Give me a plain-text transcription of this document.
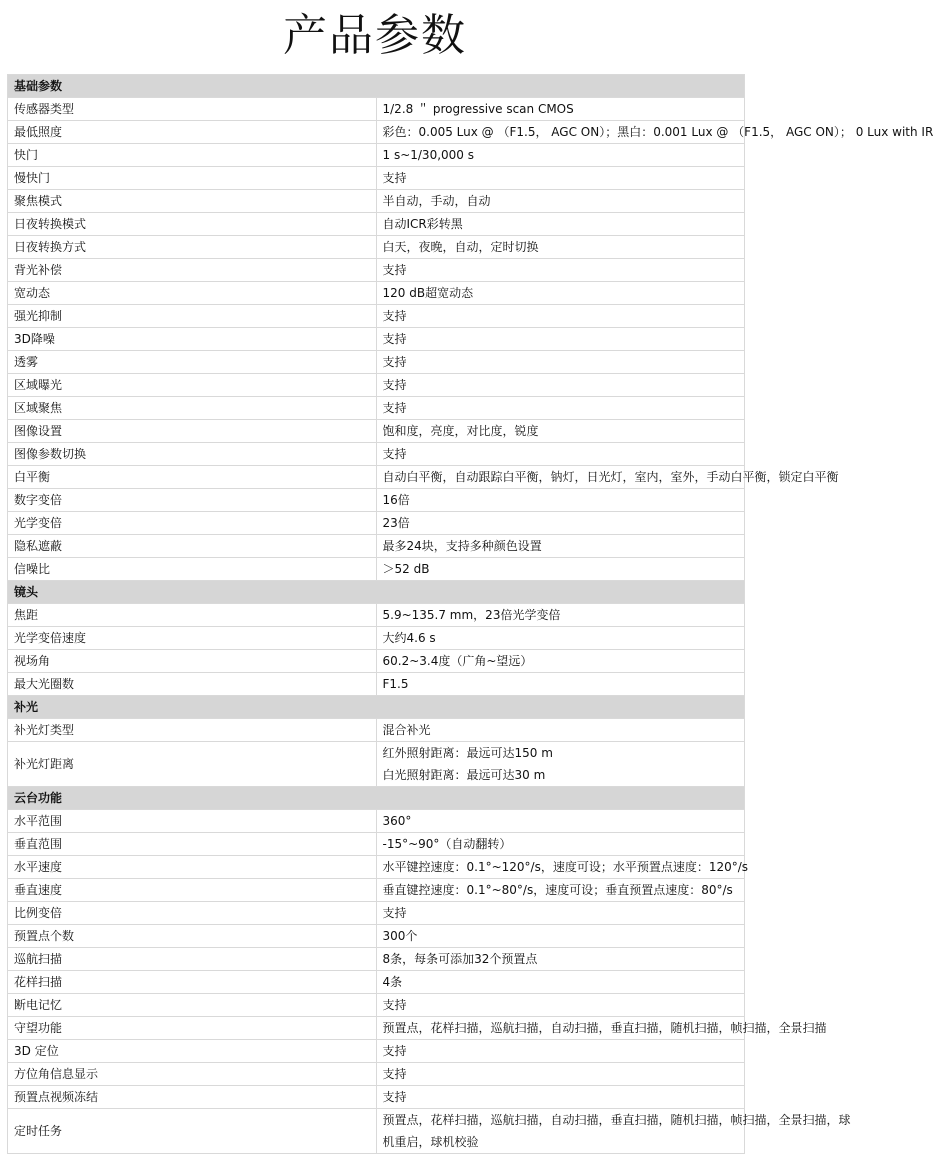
产品参数
基础参数	
传感器类型	1/2.8 ＂ progressive scan CMOS
最低照度	彩色：0.005 Lux @ （F1.5， AGC ON）；黑白：0.001 Lux @ （F1.5， AGC ON）； 0 Lux with IR
快门	1 s~1/30,000 s
慢快门	支持
聚焦模式	半自动，手动，自动
日夜转换模式	自动ICR彩转黑
日夜转换方式	白天，夜晚，自动，定时切换
背光补偿	支持
宽动态	120 dB超宽动态
强光抑制	支持
3D降噪	支持
透雾	支持
区域曝光	支持
区域聚焦	支持
图像设置	饱和度，亮度，对比度，锐度
图像参数切换	支持
白平衡	自动白平衡，自动跟踪白平衡，钠灯，日光灯，室内，室外，手动白平衡，锁定白平衡
数字变倍	16倍
光学变倍	23倍
隐私遮蔽	最多24块，支持多种颜色设置
信噪比	＞52 dB
镜头	
焦距	5.9~135.7 mm，23倍光学变倍
光学变倍速度	大约4.6 s
视场角	60.2~3.4度（广角~望远）
最大光圈数	F1.5
补光	
补光灯类型	混合补光
补光灯距离	红外照射距离：最远可达150 m
白光照射距离：最远可达30 m

云台功能	
水平范围	360°
垂直范围	-15°~90°（自动翻转）
水平速度	水平键控速度：0.1°~120°/s，速度可设；水平预置点速度：120°/s
垂直速度	垂直键控速度：0.1°~80°/s，速度可设；垂直预置点速度：80°/s
比例变倍	支持
预置点个数	300个
巡航扫描	8条，每条可添加32个预置点
花样扫描	4条
断电记忆	支持
守望功能	预置点，花样扫描，巡航扫描，自动扫描，垂直扫描，随机扫描，帧扫描，全景扫描
3D 定位	支持
方位角信息显示	支持
预置点视频冻结	支持
定时任务	预置点，花样扫描，巡航扫描，自动扫描，垂直扫描，随机扫描，帧扫描，全景扫描，球
机重启，球机校验
